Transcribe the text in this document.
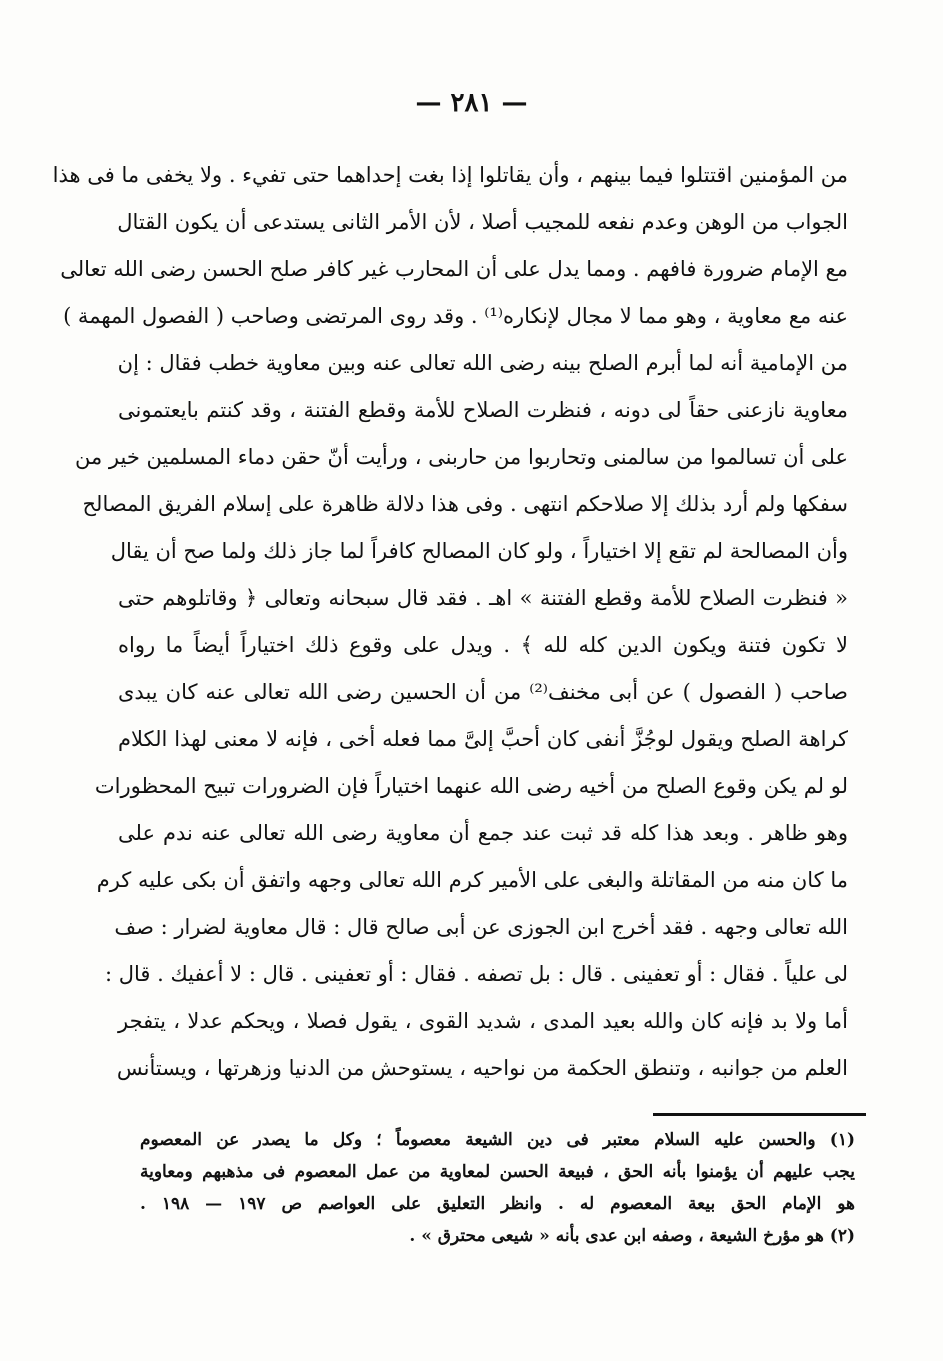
— ٢٨١ —
من المؤمنين اقتتلوا فيما بينهم ، وأن يقاتلوا إذا بغت إحداهما حتى تفيء . ولا يخفى ما فى هذا
الجواب من الوهن وعدم نفعه للمجيب أصلا ، لأن الأمر الثانى يستدعى أن يكون القتال
مع الإمام ضرورة فافهم . ومما يدل على أن المحارب غير كافر صلح الحسن رضى الله تعالى
عنه مع معاوية ، وهو مما لا مجال لإنكاره⁽¹⁾ . وقد روى المرتضى وصاحب ( الفصول المهمة )
من الإمامية أنه لما أبرم الصلح بينه رضى الله تعالى عنه وبين معاوية خطب فقال : إن
معاوية نازعنى حقاً لى دونه ، فنظرت الصلاح للأمة وقطع الفتنة ، وقد كنتم بايعتمونى
على أن تسالموا من سالمنى وتحاربوا من حاربنى ، ورأيت أنّ حقن دماء المسلمين خير من
سفكها ولم أرد بذلك إلا صلاحكم انتهى . وفى هذا دلالة ظاهرة على إسلام الفريق المصالح
وأن المصالحة لم تقع إلا اختياراً ، ولو كان المصالح كافراً لما جاز ذلك ولما صح أن يقال
« فنظرت الصلاح للأمة وقطع الفتنة » اهـ . فقد قال سبحانه وتعالى ﴿ وقاتلوهم حتى
لا تكون فتنة ويكون الدين كله لله ﴾ . ويدل على وقوع ذلك اختياراً أيضاً ما رواه
صاحب ( الفصول ) عن أبى مخنف⁽²⁾ من أن الحسين رضى الله تعالى عنه كان يبدى
كراهة الصلح ويقول لوجُزَّ أنفى كان أحبَّ إلىَّ مما فعله أخى ، فإنه لا معنى لهذا الكلام
لو لم يكن وقوع الصلح من أخيه رضى الله عنهما اختياراً فإن الضرورات تبيح المحظورات
وهو ظاهر . وبعد هذا كله قد ثبت عند جمع أن معاوية رضى الله تعالى عنه ندم على
ما كان منه من المقاتلة والبغى على الأمير كرم الله تعالى وجهه واتفق أن بكى عليه كرم
الله تعالى وجهه . فقد أخرج ابن الجوزى عن أبى صالح قال : قال معاوية لضرار : صف
لى علياً . فقال : أو تعفينى . قال : بل تصفه . فقال : أو تعفينى . قال : لا أعفيك . قال :
أما ولا بد فإنه كان والله بعيد المدى ، شديد القوى ، يقول فصلا ، ويحكم عدلا ، يتفجر
العلم من جوانبه ، وتنطق الحكمة من نواحيه ، يستوحش من الدنيا وزهرتها ، ويستأنس
(١) والحسن عليه السلام معتبر فى دين الشيعة معصوماً ؛ وكل ما يصدر عن المعصوم
يجب عليهم أن يؤمنوا بأنه الحق ، فبيعة الحسن لمعاوية من عمل المعصوم فى مذهبهم ومعاوية
هو الإمام الحق بيعة المعصوم له . وانظر التعليق على العواصم ص ١٩٧ — ١٩٨ .
(٢) هو مؤرخ الشيعة ، وصفه ابن عدى بأنه « شيعى محترق » .
